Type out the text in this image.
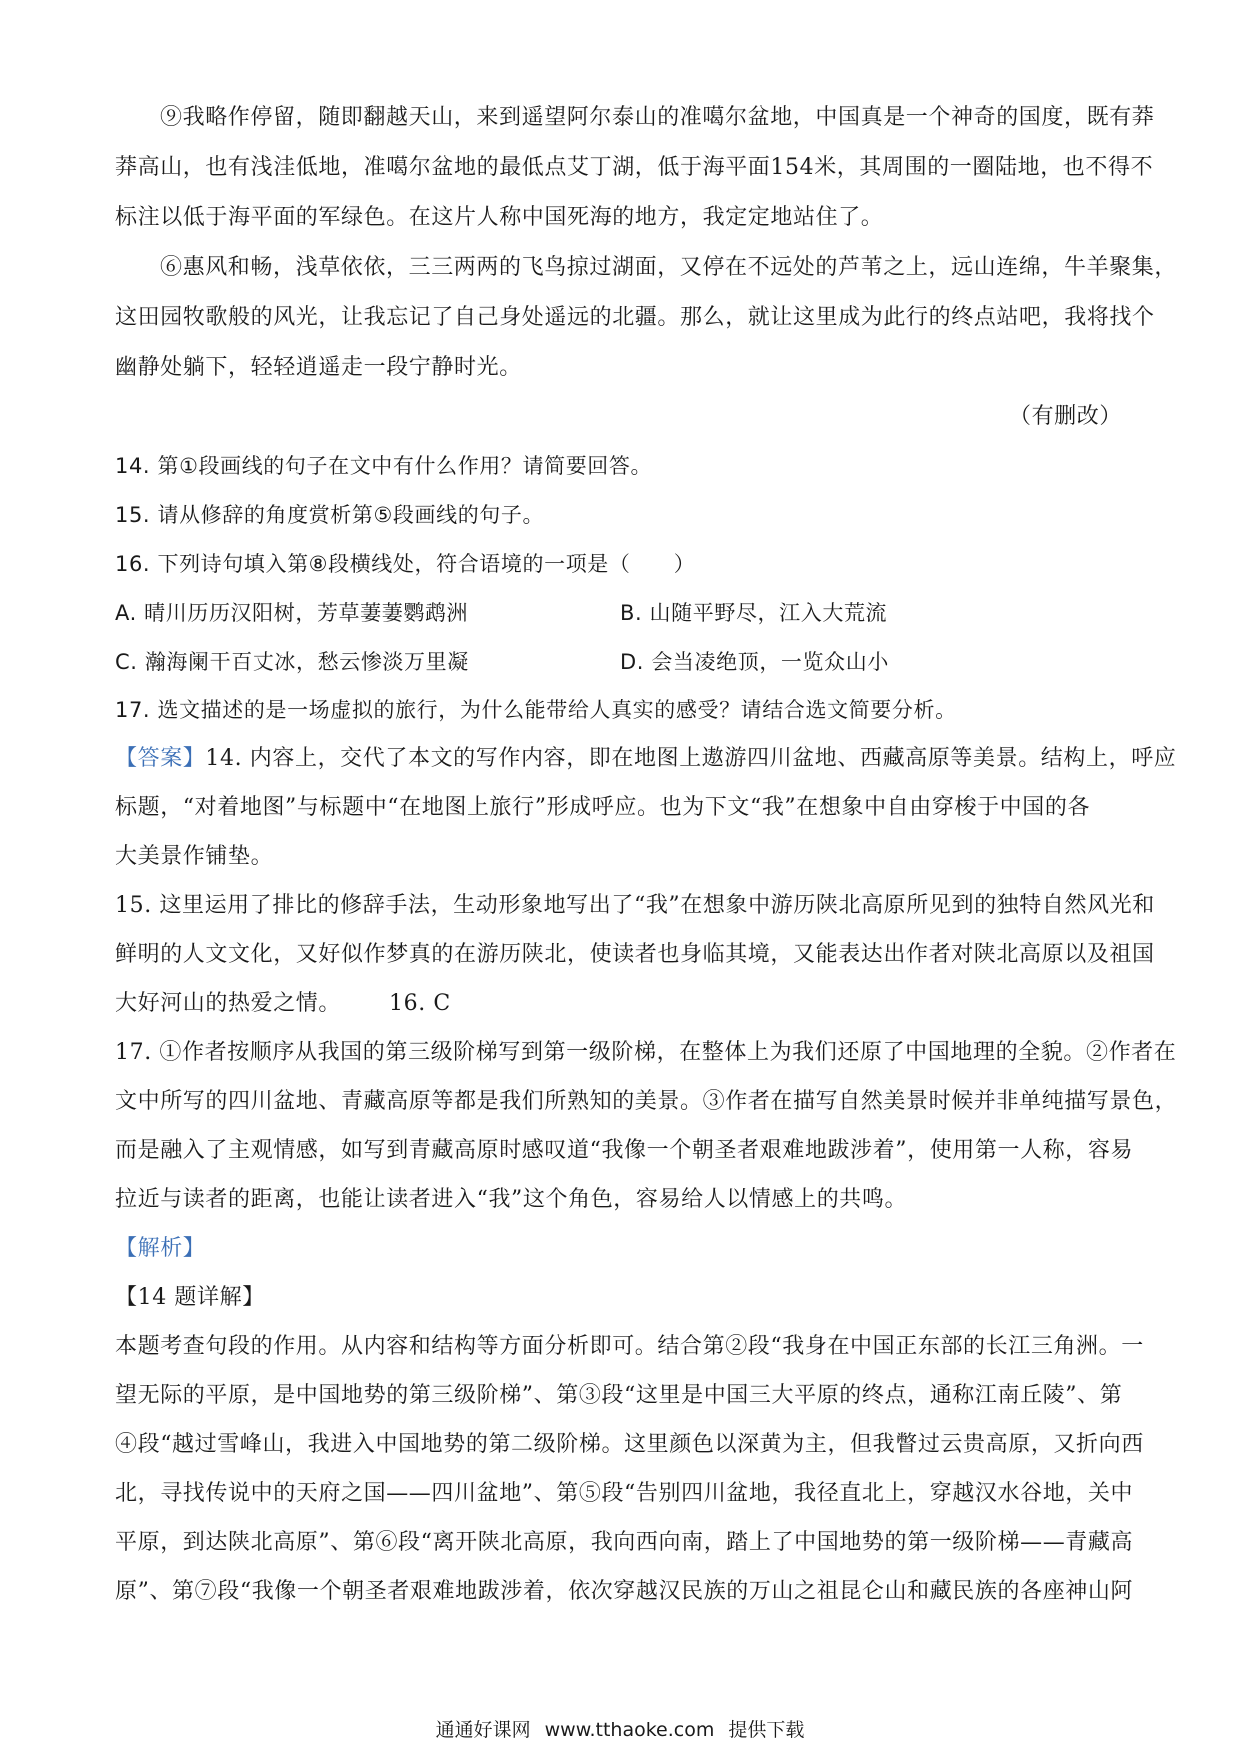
⑨我略作停留，随即翻越天山，来到遥望阿尔泰山的准噶尔盆地，中国真是一个神奇的国度，既有莽
莽高山，也有浅洼低地，准噶尔盆地的最低点艾丁湖，低于海平面154米，其周围的一圈陆地，也不得不
标注以低于海平面的军绿色。在这片人称中国死海的地方，我定定地站住了。
⑥惠风和畅，浅草依依，三三两两的飞鸟掠过湖面，又停在不远处的芦苇之上，远山连绵，牛羊聚集，
这田园牧歌般的风光，让我忘记了自己身处遥远的北疆。那么，就让这里成为此行的终点站吧，我将找个
幽静处躺下，轻轻逍遥走一段宁静时光。
（有删改）
14. 第①段画线的句子在文中有什么作用？请简要回答。
15. 请从修辞的角度赏析第⑤段画线的句子。
16. 下列诗句填入第⑧段横线处，符合语境的一项是（　　）
A. 晴川历历汉阳树，芳草萋萋鹦鹉洲	B. 山随平野尽，江入大荒流
C. 瀚海阑干百丈冰，愁云惨淡万里凝	D. 会当凌绝顶，一览众山小
17. 选文描述的是一场虚拟的旅行，为什么能带给人真实的感受？请结合选文简要分析。
【答案】14. 内容上，交代了本文的写作内容，即在地图上遨游四川盆地、西藏高原等美景。结构上，呼应
标题，“对着地图”与标题中“在地图上旅行”形成呼应。也为下文“我”在想象中自由穿梭于中国的各
大美景作铺垫。
15. 这里运用了排比的修辞手法，生动形象地写出了“我”在想象中游历陕北高原所见到的独特自然风光和
鲜明的人文文化，又好似作梦真的在游历陕北，使读者也身临其境，又能表达出作者对陕北高原以及祖国
大好河山的热爱之情。 16. C
17. ①作者按顺序从我国的第三级阶梯写到第一级阶梯，在整体上为我们还原了中国地理的全貌。②作者在
文中所写的四川盆地、青藏高原等都是我们所熟知的美景。③作者在描写自然美景时候并非单纯描写景色，
而是融入了主观情感，如写到青藏高原时感叹道“我像一个朝圣者艰难地跋涉着”，使用第一人称，容易
拉近与读者的距离，也能让读者进入“我”这个角色，容易给人以情感上的共鸣。
【解析】
【14 题详解】
本题考查句段的作用。从内容和结构等方面分析即可。结合第②段“我身在中国正东部的长江三角洲。一
望无际的平原，是中国地势的第三级阶梯”、第③段“这里是中国三大平原的终点，通称江南丘陵”、第
④段“越过雪峰山，我进入中国地势的第二级阶梯。这里颜色以深黄为主，但我瞥过云贵高原，又折向西
北，寻找传说中的天府之国——四川盆地”、第⑤段“告别四川盆地，我径直北上，穿越汉水谷地，关中
平原，到达陕北高原”、第⑥段“离开陕北高原，我向西向南，踏上了中国地势的第一级阶梯——青藏高
原”、第⑦段“我像一个朝圣者艰难地跋涉着，依次穿越汉民族的万山之祖昆仑山和藏民族的各座神山阿
通通好课网 www.tthaoke.com 提供下载
